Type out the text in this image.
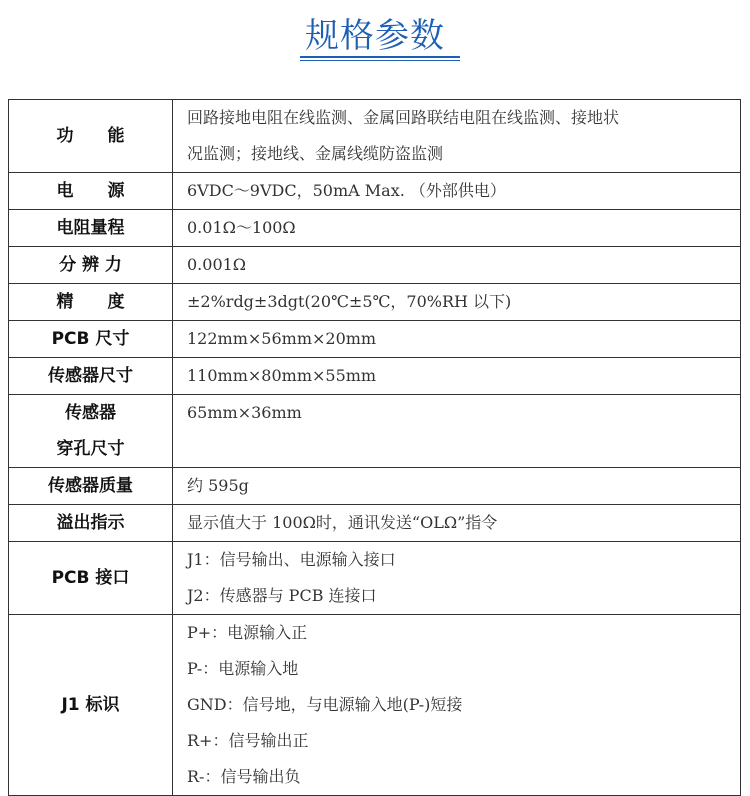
规格参数
功　　能	回路接地电阻在线监测、金属回路联结电阻在线监测、接地状
况监测；接地线、金属线缆防盗监测

电　　源	6VDC～9VDC，50mA Max. （外部供电）

电阻量程	0.01Ω～100Ω

分 辨 力	0.001Ω

精　　度	±2%rdg±3dgt(20℃±5℃，70%RH 以下)

PCB 尺寸	122mm×56mm×20mm

传感器尺寸	110mm×80mm×55mm

传感器
穿孔尺寸	65mm×36mm

传感器质量	约 595g

溢出指示	显示值大于 100Ω时，通讯发送“OLΩ”指令

PCB 接口	J1：信号输出、电源输入接口
J2：传感器与 PCB 连接口

J1 标识	P+：电源输入正
P-：电源输入地
GND：信号地，与电源输入地(P-)短接
R+：信号输出正
R-：信号输出负
